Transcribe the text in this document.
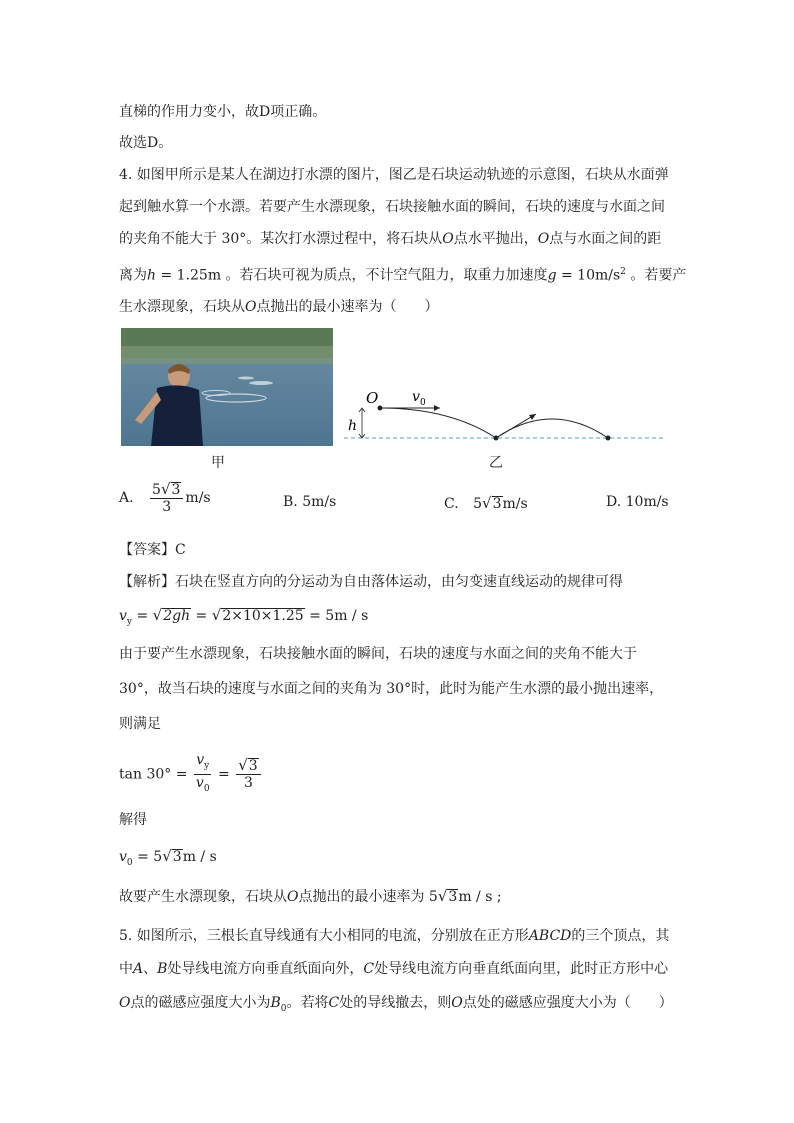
直梯的作用力变小，故D项正确。
故选D。
4. 如图甲所示是某人在湖边打水漂的图片，图乙是石块运动轨迹的示意图，石块从水面弹
起到触水算一个水漂。若要产生水漂现象，石块接触水面的瞬间，石块的速度与水面之间
的夹角不能大于 30°。某次打水漂过程中，将石块从O点水平抛出，O点与水面之间的距
离为h = 1.25m 。若石块可视为质点，不计空气阻力，取重力加速度$g = 10m/s^2$ 。若要产
生水漂现象，石块从O点抛出的最小速率为（　　）
甲
O v 0
h
乙
A. $\frac{5√3}{3} m/s$	B. 5m/s	C. 5√3m/s	D. 10m/s
【答案】C
【解析】石块在竖直方向的分运动为自由落体运动，由匀变速直线运动的规律可得
$v_y = √2gh = √2\times 10\times 1.25 = 5m / s$
由于要产生水漂现象，石块接触水面的瞬间，石块的速度与水面之间的夹角不能大于
30°，故当石块的速度与水面之间的夹角为 30°时，此时为能产生水漂的最小抛出速率，
则满足
$\tan 30^\circ = \frac{v_y}{v_0} = \frac{√3}{3}$
解得
$v_0 = 5√3m / s$
故要产生水漂现象，石块从O点抛出的最小速率为 5√3m / s ;
5. 如图所示，三根长直导线通有大小相同的电流，分别放在正方形ABCD的三个顶点，其
中A、B处导线电流方向垂直纸面向外，C处导线电流方向垂直纸面向里，此时正方形中心
O点的磁感应强度大小为$B_0$。若将C处的导线撤去，则O点处的磁感应强度大小为（　　）
